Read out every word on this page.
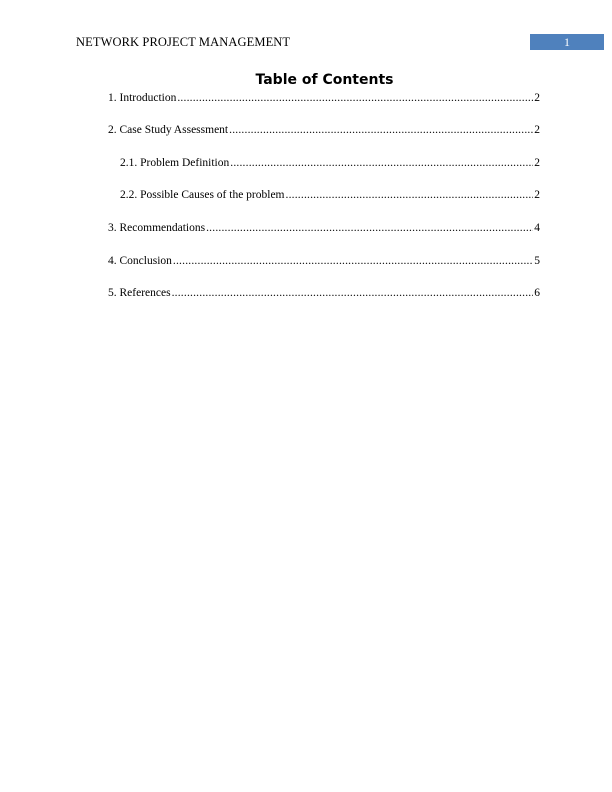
NETWORK PROJECT MANAGEMENT	1
Table of Contents
1. Introduction .....	2
2. Case Study Assessment .....	2
2.1. Problem Definition .....	2
2.2. Possible Causes of the problem .....	2
3. Recommendations .....	4
4. Conclusion .....	5
5. References .....	6
